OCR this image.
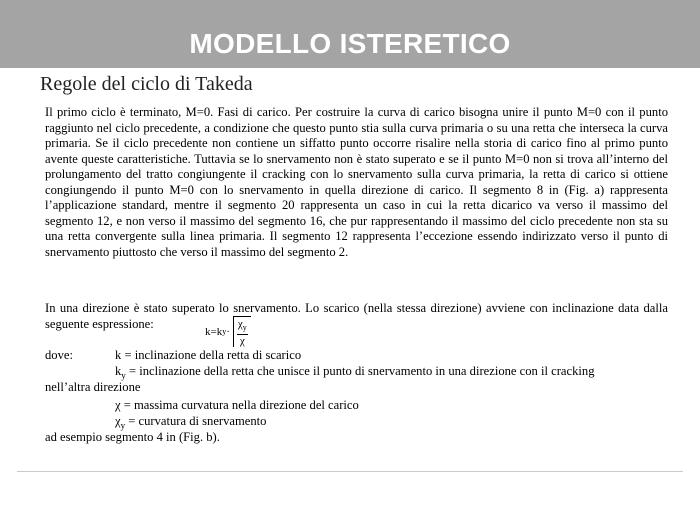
MODELLO ISTERETICO
Regole del ciclo di Takeda
Il primo ciclo è terminato, M=0. Fasi di carico. Per costruire la curva di carico bisogna unire il punto M=0 con il punto raggiunto nel ciclo precedente, a condizione che questo punto stia sulla curva primaria o su una retta che interseca la curva primaria. Se il ciclo precedente non contiene un siffatto punto occorre risalire nella storia di carico fino al primo punto avente queste caratteristiche. Tuttavia se lo snervamento non è stato superato e se il punto M=0 non si trova all’interno del prolungamento del tratto congiungente il cracking con lo snervamento sulla curva primaria, la retta di carico si ottiene congiungendo il punto M=0 con lo snervamento in quella direzione di carico. Il segmento 8 in (Fig. a) rappresenta l’applicazione standard, mentre il segmento 20 rappresenta un caso in cui la retta dicarico va verso il massimo del segmento 12, e non verso il massimo del segmento 16, che pur rappresentando il massimo del ciclo precedente non sta su una retta convergente sulla linea primaria. Il segmento 12 rappresenta l’eccezione essendo indirizzato verso il punto di snervamento piuttosto che verso il massimo del segmento 2.
In una direzione è stato superato lo snervamento. Lo scarico (nella stessa direzione) avviene con inclinazione data dalla seguente espressione:
k=k $y \cdot \frac{\chi_y}{\chi}$
dove:	k = inclinazione della retta di scarico
$k_y$ = inclinazione della retta che unisce il punto di snervamento in una direzione con il cracking
nell’altra direzione
χ = massima curvatura nella direzione del carico
$\chi_y$ = curvatura di snervamento
ad esempio segmento 4 in (Fig. b).
